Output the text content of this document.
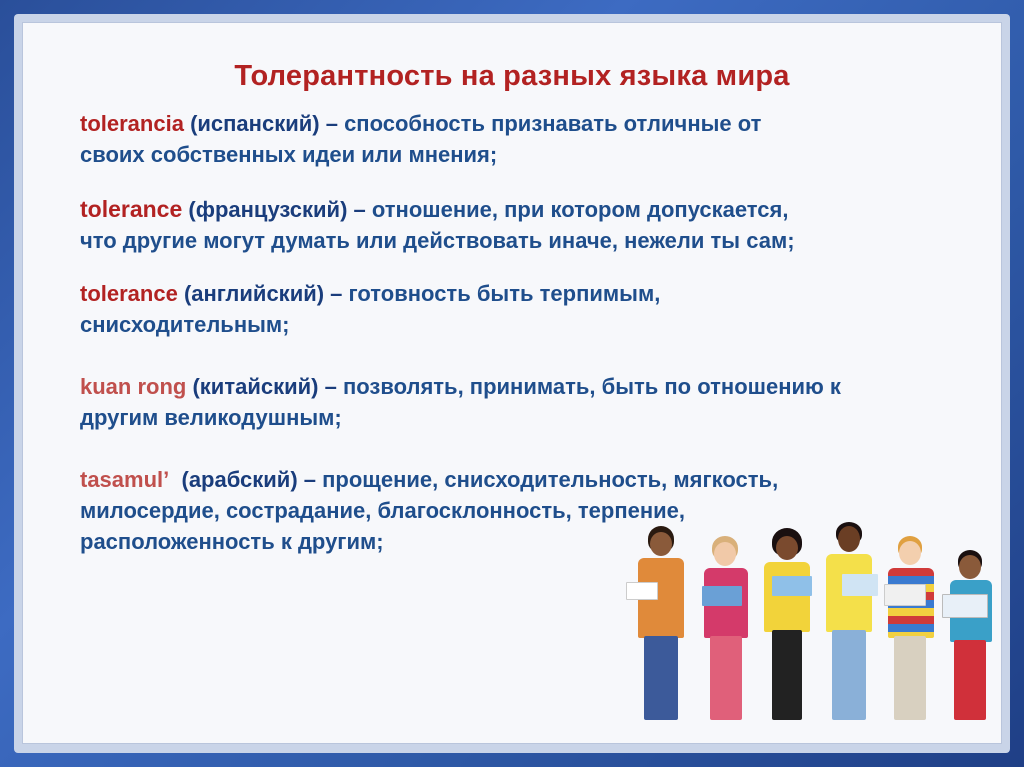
Толерантность на разных языка мира
tolerancia (испанский) – способность признавать отличные от
своих собственных идеи или мнения;
tolerance (французский) – отношение, при котором допускается,
что другие могут думать или действовать иначе, нежели ты сам;
tolerance (английский) – готовность быть терпимым,
снисходительным;
kuan rong (китайский) – позволять, принимать, быть по отношению к
другим великодушным;
tasamul’ (арабский) – прощение, снисходительность, мягкость,
милосердие, сострадание, благосклонность, терпение,
расположенность к другим;
